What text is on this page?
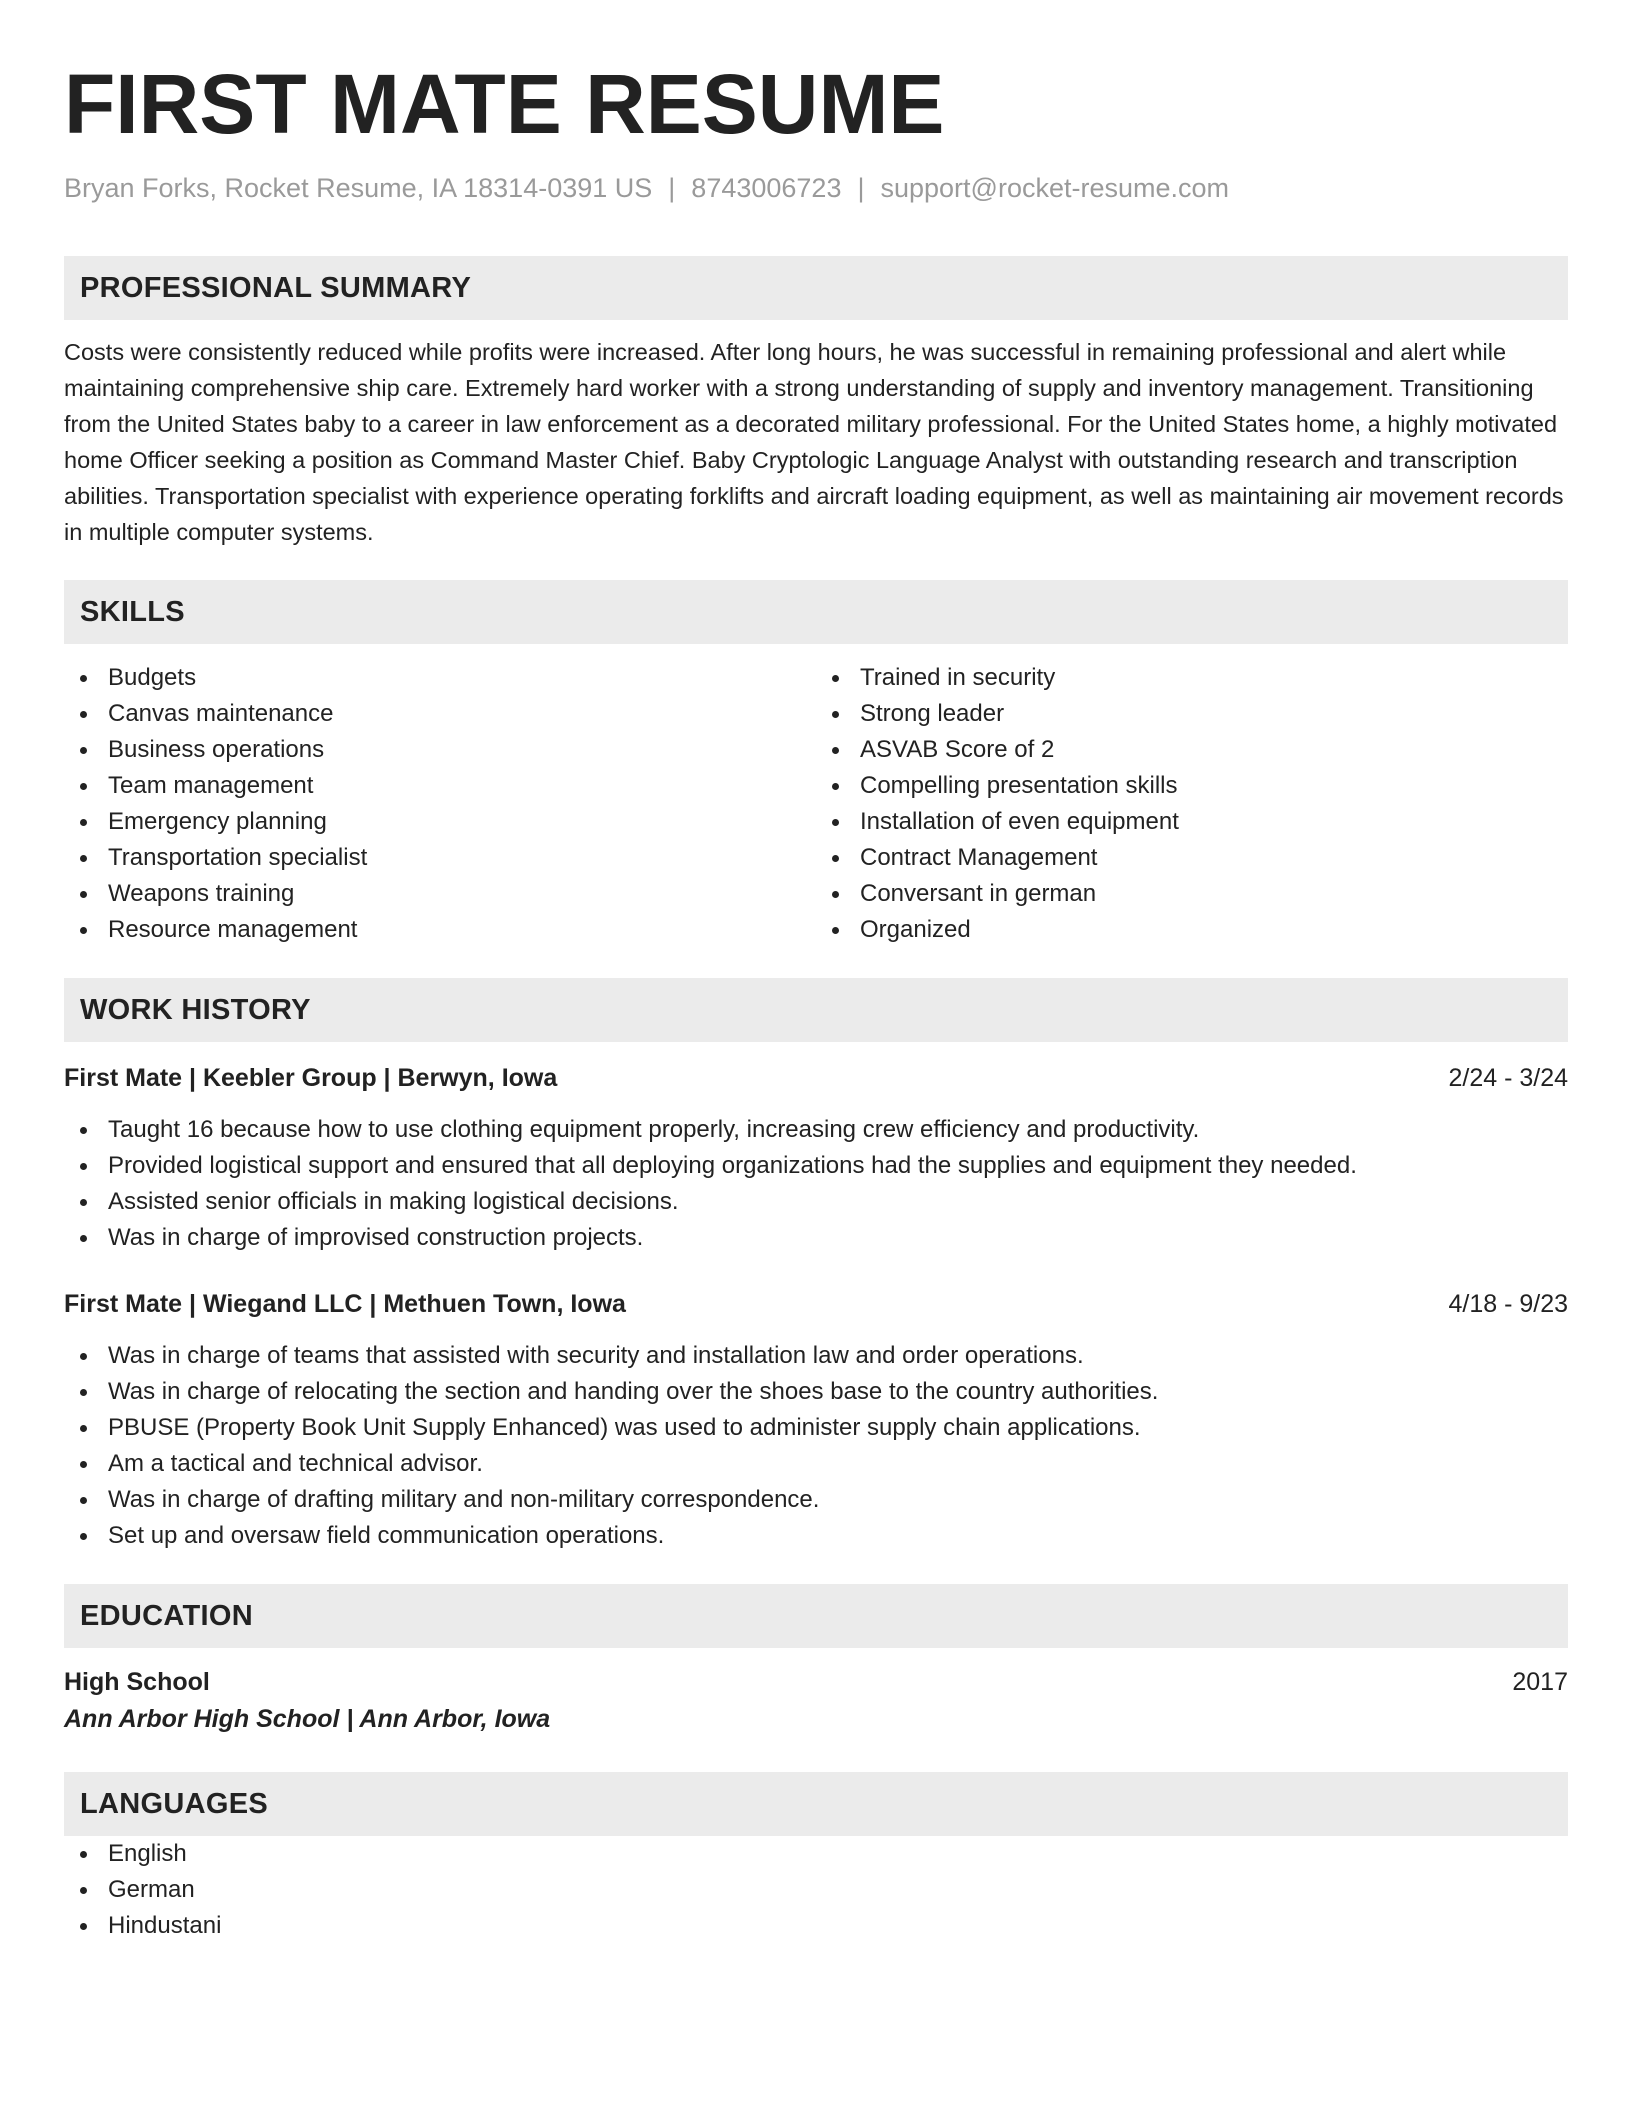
FIRST MATE RESUME
Bryan Forks, Rocket Resume, IA 18314-0391 US | 8743006723 | support@rocket-resume.com
PROFESSIONAL SUMMARY

Costs were consistently reduced while profits were increased. After long hours, he was successful in remaining professional and alert while maintaining comprehensive ship care. Extremely hard worker with a strong understanding of supply and inventory management. Transitioning from the United States baby to a career in law enforcement as a decorated military professional. For the United States home, a highly motivated home Officer seeking a position as Command Master Chief. Baby Cryptologic Language Analyst with outstanding research and transcription abilities. Transportation specialist with experience operating forklifts and aircraft loading equipment, as well as maintaining air movement records in multiple computer systems.

SKILLS
Budgets
Canvas maintenance
Business operations
Team management
Emergency planning
Transportation specialist
Weapons training
Resource management
Trained in security
Strong leader
ASVAB Score of 2
Compelling presentation skills
Installation of even equipment
Contract Management
Conversant in german
Organized
WORK HISTORY
First Mate | Keebler Group | Berwyn, Iowa	2/24 - 3/24
Taught 16 because how to use clothing equipment properly, increasing crew efficiency and productivity.
Provided logistical support and ensured that all deploying organizations had the supplies and equipment they needed.
Assisted senior officials in making logistical decisions.
Was in charge of improvised construction projects.
First Mate | Wiegand LLC | Methuen Town, Iowa	4/18 - 9/23
Was in charge of teams that assisted with security and installation law and order operations.
Was in charge of relocating the section and handing over the shoes base to the country authorities.
PBUSE (Property Book Unit Supply Enhanced) was used to administer supply chain applications.
Am a tactical and technical advisor.
Was in charge of drafting military and non-military correspondence.
Set up and oversaw field communication operations.
EDUCATION
High School	2017
Ann Arbor High School | Ann Arbor, Iowa
LANGUAGES
English
German
Hindustani
